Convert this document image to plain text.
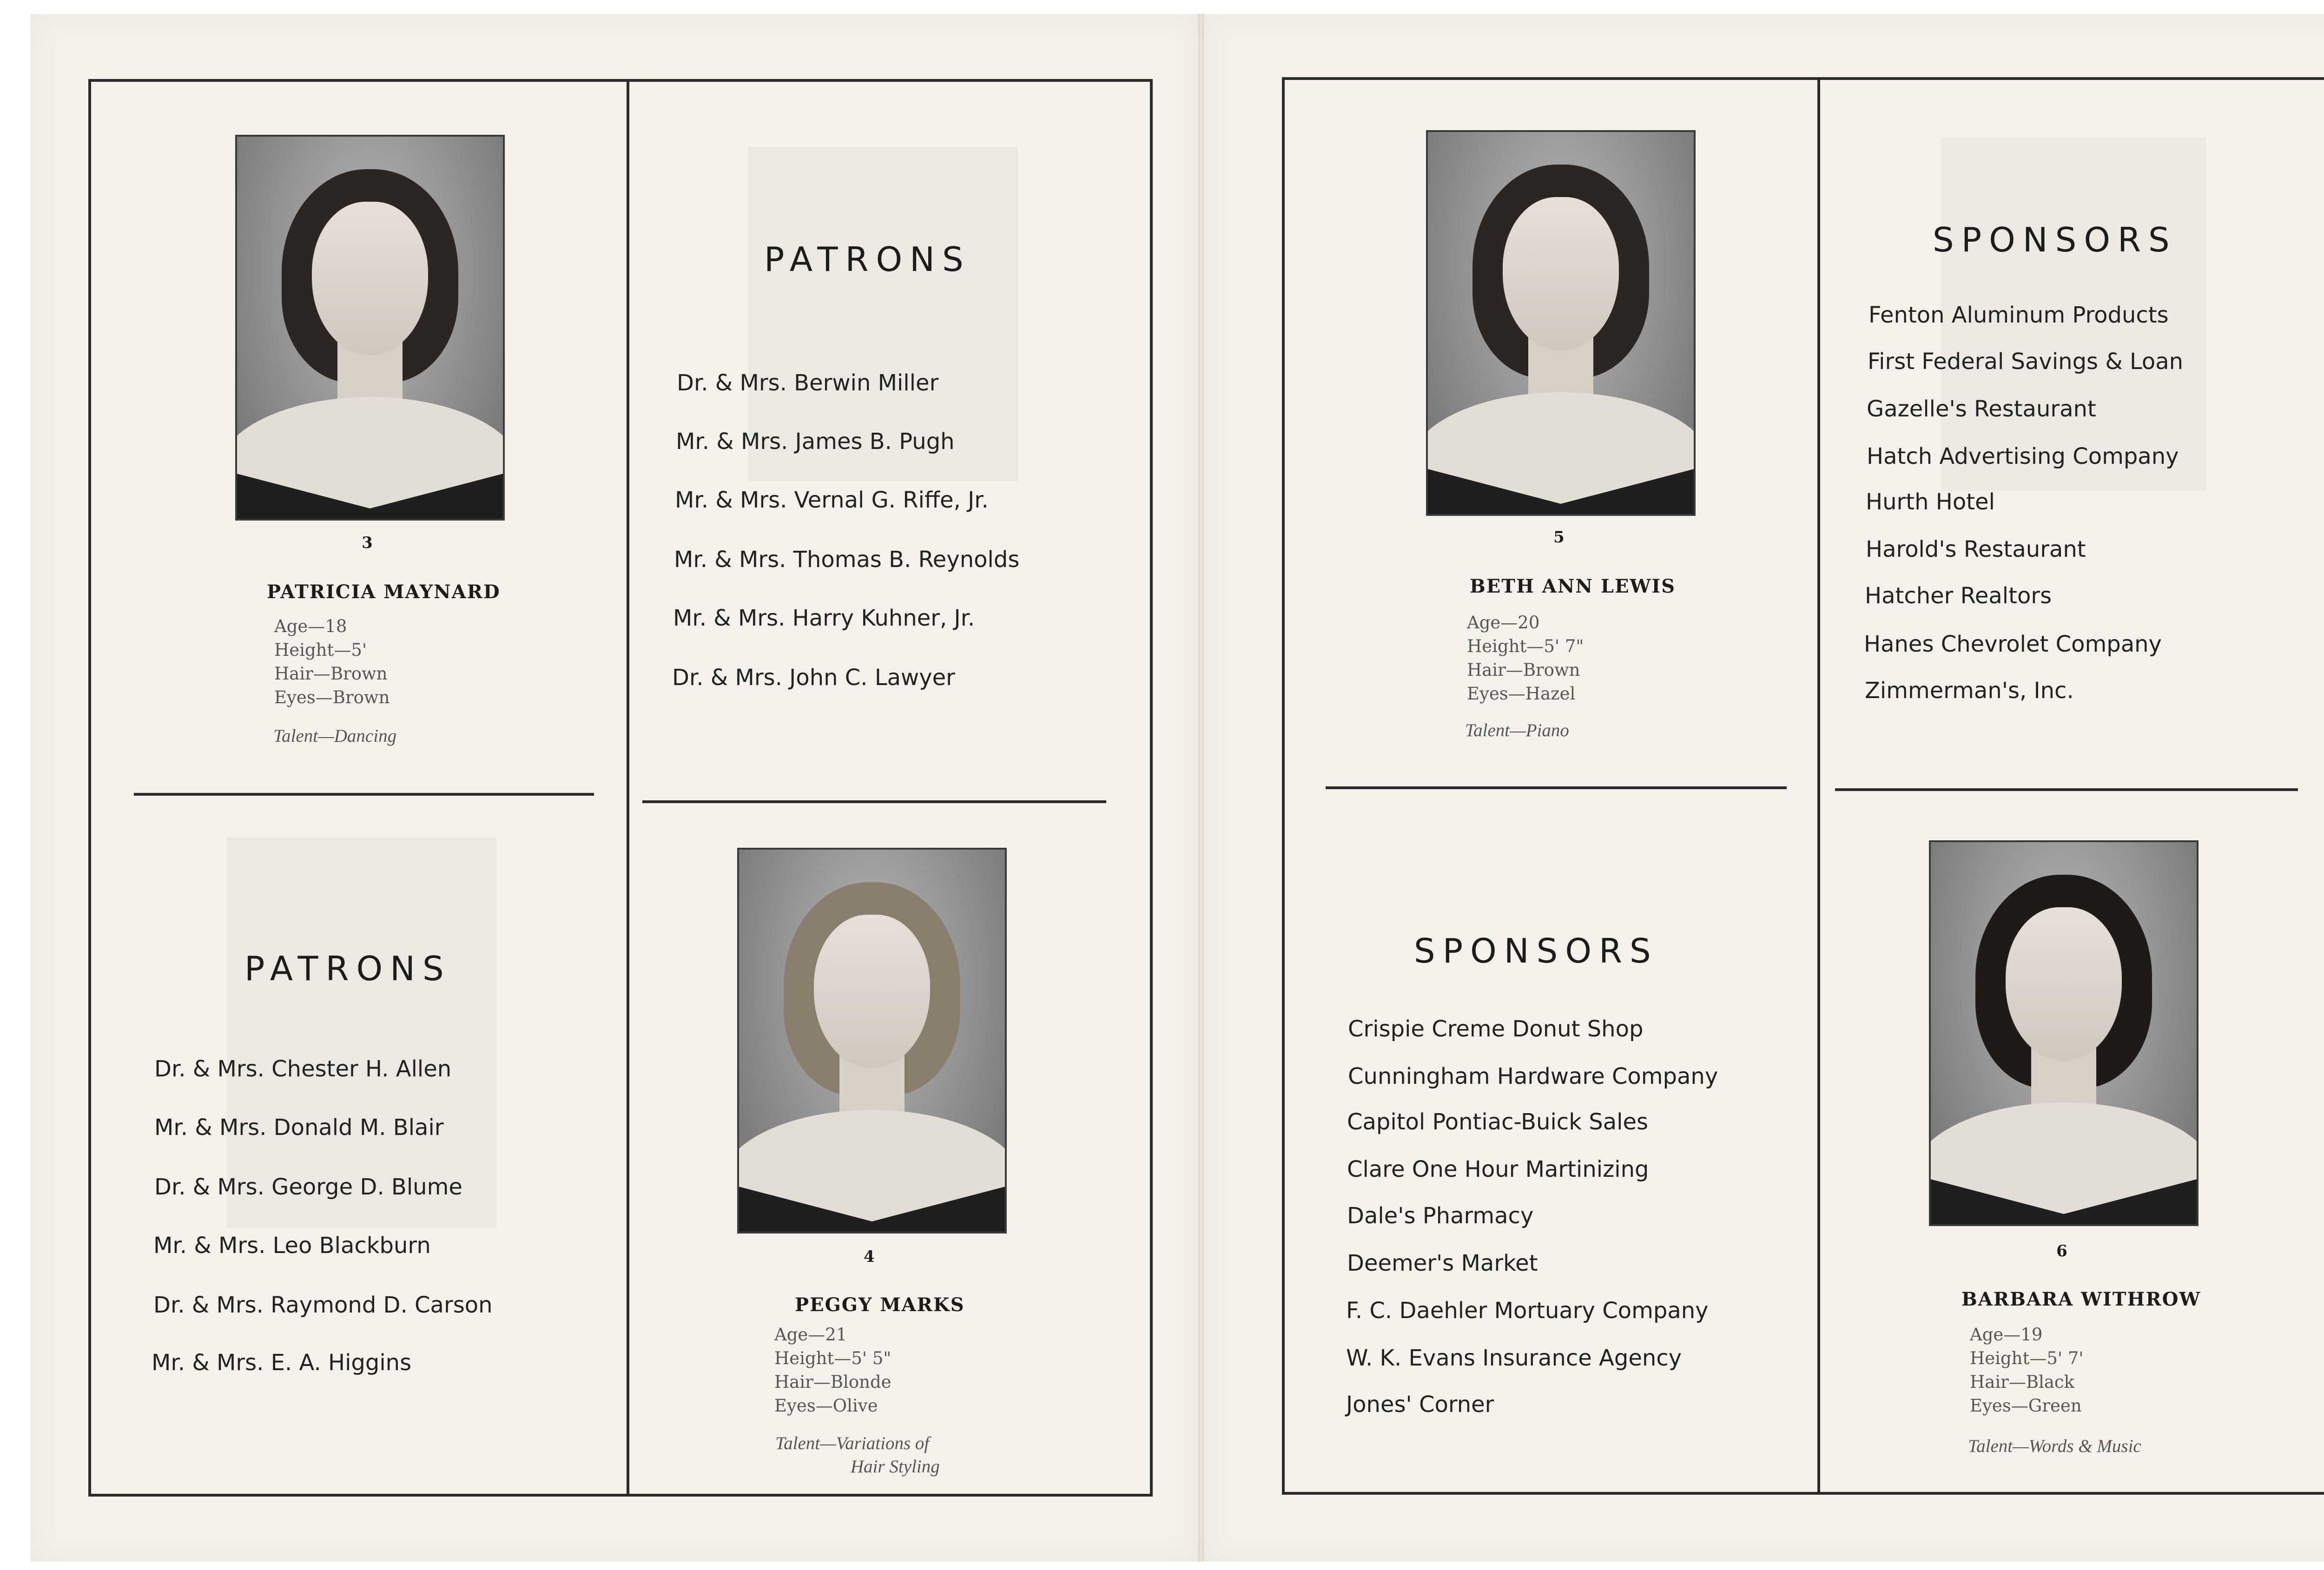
3
PATRICIA MAYNARD
Age—18
Height—5'
Hair—Brown
Eyes—Brown
Talent—Dancing
PATRONS
Dr. & Mrs. Berwin Miller
Mr. & Mrs. James B. Pugh
Mr. & Mrs. Vernal G. Riffe, Jr.
Mr. & Mrs. Thomas B. Reynolds
Mr. & Mrs. Harry Kuhner, Jr.
Dr. & Mrs. John C. Lawyer
PATRONS
Dr. & Mrs. Chester H. Allen
Mr. & Mrs. Donald M. Blair
Dr. & Mrs. George D. Blume
Mr. & Mrs. Leo Blackburn
Dr. & Mrs. Raymond D. Carson
Mr. & Mrs. E. A. Higgins
4
PEGGY MARKS
Age—21
Height—5' 5"
Hair—Blonde
Eyes—Olive
Talent—Variations of
Hair Styling
5
BETH ANN LEWIS
Age—20
Height—5' 7"
Hair—Brown
Eyes—Hazel
Talent—Piano
SPONSORS
Fenton Aluminum Products
First Federal Savings & Loan
Gazelle's Restaurant
Hatch Advertising Company
Hurth Hotel
Harold's Restaurant
Hatcher Realtors
Hanes Chevrolet Company
Zimmerman's, Inc.
SPONSORS
Crispie Creme Donut Shop
Cunningham Hardware Company
Capitol Pontiac-Buick Sales
Clare One Hour Martinizing
Dale's Pharmacy
Deemer's Market
F. C. Daehler Mortuary Company
W. K. Evans Insurance Agency
Jones' Corner
6
BARBARA WITHROW
Age—19
Height—5' 7'
Hair—Black
Eyes—Green
Talent—Words & Music
